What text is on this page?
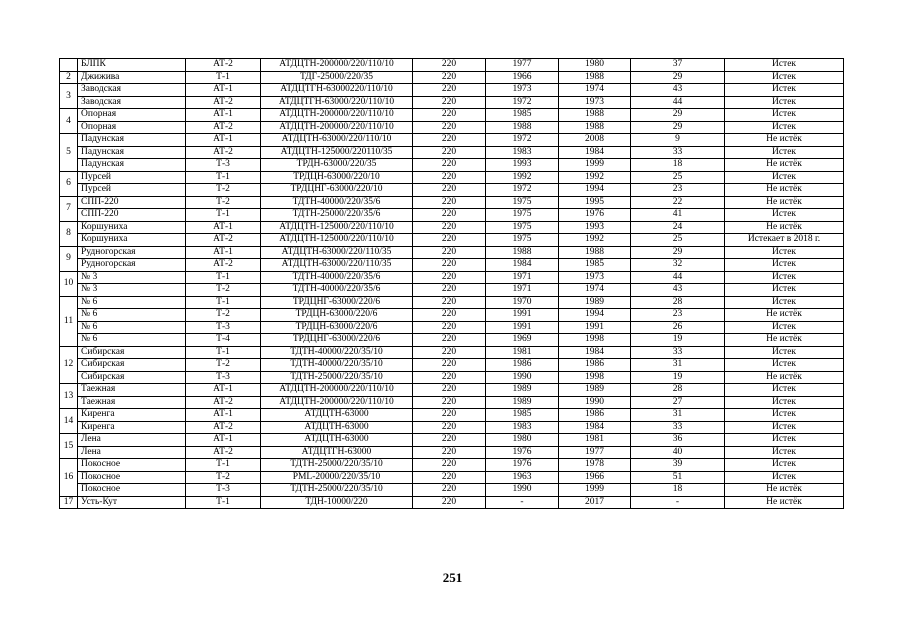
	БЛПК	АТ-2	АТДЦТН-200000/220/110/10	220	1977	1980	37	Истек
2	Джижива	Т-1	ТДГ-25000/220/35	220	1966	1988	29	Истек
3	Заводская	АТ-1	АТДЦТГН-63000220/110/10	220	1973	1974	43	Истек
	Заводская	АТ-2	АТДЦТГН-63000/220/110/10	220	1972	1973	44	Истек
4	Опорная	АТ-1	АТДЦТН-200000/220/110/10	220	1985	1988	29	Истек
	Опорная	АТ-2	АТДЦТН-200000/220/110/10	220	1988	1988	29	Истек
5	Падунская	АТ-1	АТДЦТН-63000/220/110/10	220	1972	2008	9	Не истёк
	Падунская	АТ-2	АТДЦТН-125000/220110/35	220	1983	1984	33	Истек
	Падунская	Т-3	ТРДН-63000/220/35	220	1993	1999	18	Не истёк
6	Пурсей	Т-1	ТРДЦН-63000/220/10	220	1992	1992	25	Истек
	Пурсей	Т-2	ТРДЦНГ-63000/220/10	220	1972	1994	23	Не истёк
7	СПП-220	Т-2	ТДТН-40000/220/35/6	220	1975	1995	22	Не истёк
	СПП-220	Т-1	ТДТН-25000/220/35/6	220	1975	1976	41	Истек
8	Коршуниха	АТ-1	АТДЦТН-125000/220/110/10	220	1975	1993	24	Не истёк
	Коршуниха	АТ-2	АТДЦТН-125000/220/110/10	220	1975	1992	25	Истекает в 2018 г.
9	Рудногорская	АТ-1	АТДЦТН-63000/220/110/35	220	1988	1988	29	Истек
	Рудногорская	АТ-2	АТДЦТН-63000/220/110/35	220	1984	1985	32	Истек
10	№ 3	Т-1	ТДТН-40000/220/35/6	220	1971	1973	44	Истек
	№ 3	Т-2	ТДТН-40000/220/35/6	220	1971	1974	43	Истек
11	№ 6	Т-1	ТРДЦНГ-63000/220/6	220	1970	1989	28	Истек
	№ 6	Т-2	ТРДЦН-63000/220/6	220	1991	1994	23	Не истёк
	№ 6	Т-3	ТРДЦН-63000/220/6	220	1991	1991	26	Истек
	№ 6	Т-4	ТРДЦНГ-63000/220/6	220	1969	1998	19	Не истёк
12	Сибирская	Т-1	ТДТН-40000/220/35/10	220	1981	1984	33	Истек
	Сибирская	Т-2	ТДТН-40000/220/35/10	220	1986	1986	31	Истек
	Сибирская	Т-3	ТДТН-25000/220/35/10	220	1990	1998	19	Не истёк
13	Таежная	АТ-1	АТДЦТН-200000/220/110/10	220	1989	1989	28	Истек
	Таежная	АТ-2	АТДЦТН-200000/220/110/10	220	1989	1990	27	Истек
14	Киренга	АТ-1	АТДЦТН-63000	220	1985	1986	31	Истек
	Киренга	АТ-2	АТДЦТН-63000	220	1983	1984	33	Истек
15	Лена	АТ-1	АТДЦТН-63000	220	1980	1981	36	Истек
	Лена	АТ-2	АТДЦТГН-63000	220	1976	1977	40	Истек
16	Покосное	Т-1	ТДТН-25000/220/35/10	220	1976	1978	39	Истек
	Покосное	Т-2	PML-20000/220/35/10	220	1963	1966	51	Истек
	Покосное	Т-3	ТДТН-25000/220/35/10	220	1990	1999	18	Не истёк
17	Усть-Кут	Т-1	ТДН-10000/220	220	-	2017	-	Не истёк
251
